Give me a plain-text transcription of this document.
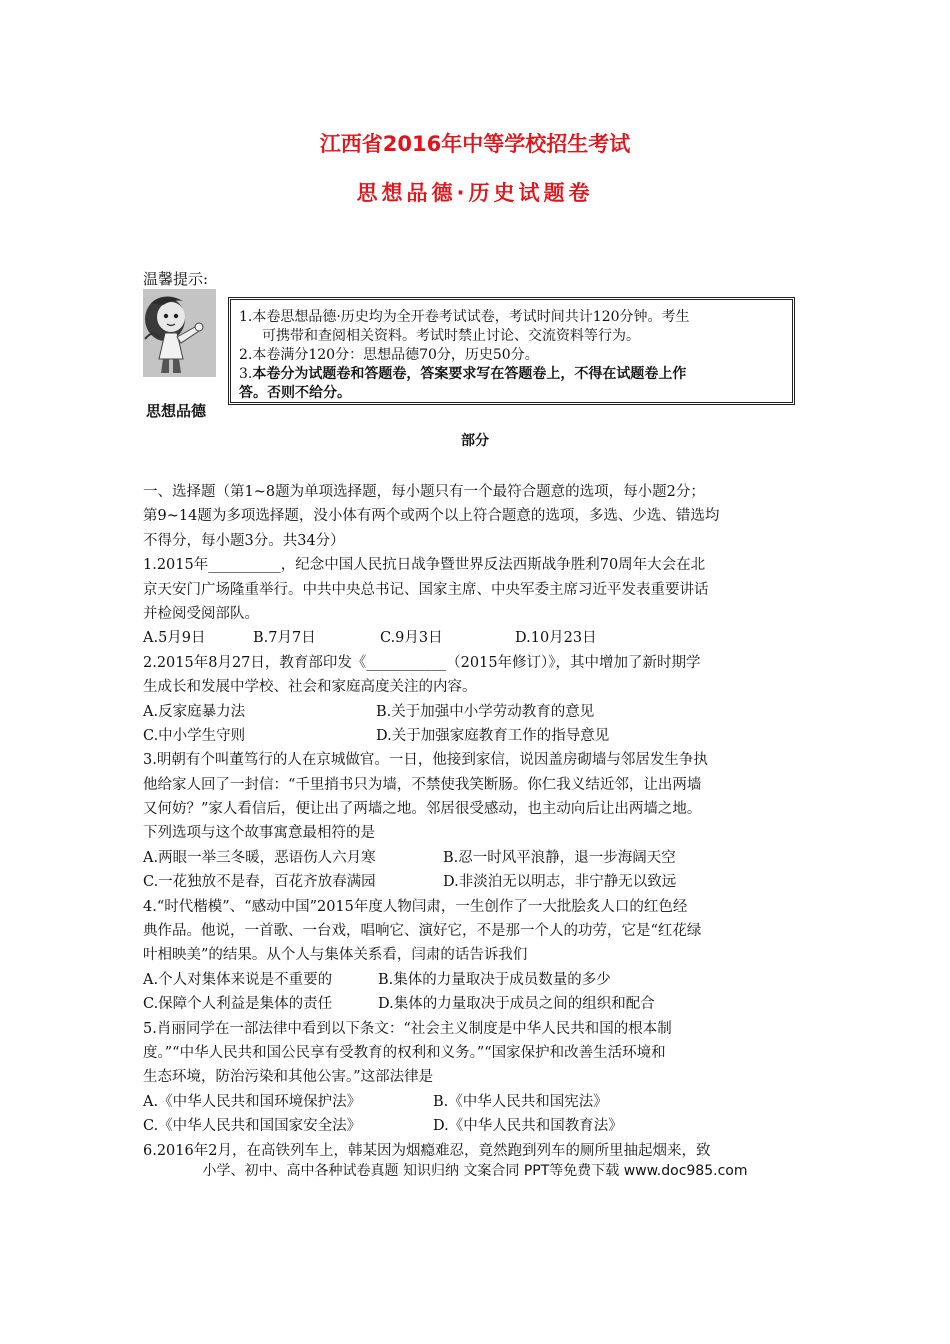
江西省2016年中等学校招生考试
思想品德·历史试题卷
温馨提示:
思想品德
1.本卷思想品德·历史均为全开卷考试试卷，考试时间共计120分钟。考生
可携带和查阅相关资料。考试时禁止讨论、交流资料等行为。
2.本卷满分120分：思想品德70分，历史50分。
3.本卷分为试题卷和答题卷，答案要求写在答题卷上，不得在试题卷上作
答。否则不给分。
部分
一、选择题（第1~8题为单项选择题，每小题只有一个最符合题意的选项，每小题2分；
第9~14题为多项选择题，没小体有两个或两个以上符合题意的选项，多选、少选、错选均
不得分，每小题3分。共34分）
1.2015年__________，纪念中国人民抗日战争暨世界反法西斯战争胜利70周年大会在北
京天安门广场隆重举行。中共中央总书记、国家主席、中央军委主席习近平发表重要讲话
并检阅受阅部队。
A.5月9日	B.7月7日	C.9月3日	D.10月23日
2.2015年8月27日，教育部印发《___________（2015年修订）》，其中增加了新时期学
生成长和发展中学校、社会和家庭高度关注的内容。
A.反家庭暴力法	B.关于加强中小学劳动教育的意见
C.中小学生守则	D.关于加强家庭教育工作的指导意见
3.明朝有个叫董笃行的人在京城做官。一日，他接到家信，说因盖房砌墙与邻居发生争执
他给家人回了一封信：“千里捎书只为墙，不禁使我笑断肠。你仁我义结近邻，让出两墙
又何妨？”家人看信后，便让出了两墙之地。邻居很受感动，也主动向后让出两墙之地。
下列选项与这个故事寓意最相符的是
A.两眼一举三冬暖，恶语伤人六月寒	B.忍一时风平浪静，退一步海阔天空
C.一花独放不是春，百花齐放春满园	D.非淡泊无以明志，非宁静无以致远
4.“时代楷模”、“感动中国”2015年度人物闫肃，一生创作了一大批脍炙人口的红色经
典作品。他说，一首歌、一台戏，唱响它、演好它，不是那一个人的功劳，它是“红花绿
叶相映美”的结果。从个人与集体关系看，闫肃的话告诉我们
A.个人对集体来说是不重要的	B.集体的力量取决于成员数量的多少
C.保障个人利益是集体的责任	D.集体的力量取决于成员之间的组织和配合
5.肖丽同学在一部法律中看到以下条文：“社会主义制度是中华人民共和国的根本制
度。”“中华人民共和国公民享有受教育的权利和义务。”“国家保护和改善生活环境和
生态环境，防治污染和其他公害。”这部法律是
A.《中华人民共和国环境保护法》	B.《中华人民共和国宪法》
C.《中华人民共和国国家安全法》	D.《中华人民共和国教育法》
6.2016年2月，在高铁列车上，韩某因为烟瘾难忍，竟然跑到列车的厕所里抽起烟来，致
小学、初中、高中各种试卷真题 知识归纳 文案合同 PPT等免费下载 www.doc985.com
